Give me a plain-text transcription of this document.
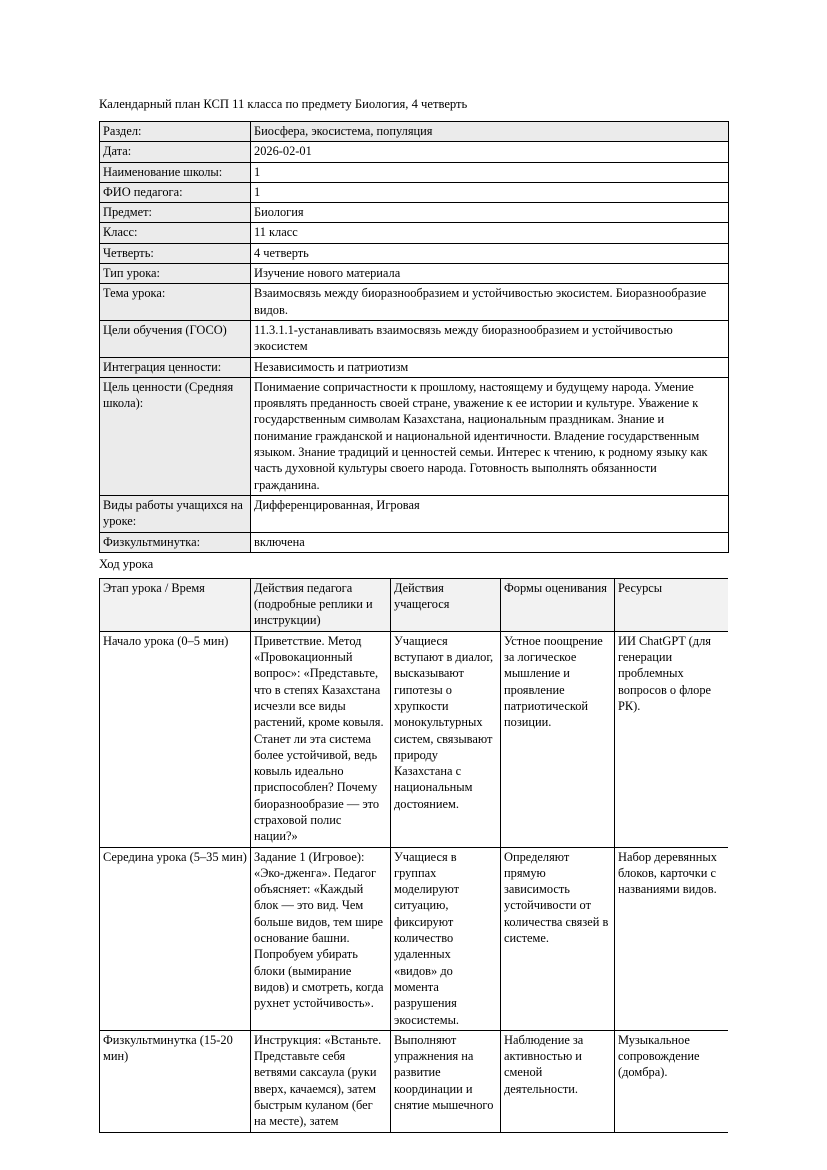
Календарный план КСП 11 класса по предмету Биология, 4 четверть
Раздел:	Биосфера, экосистема, популяция
Дата:	2026-02-01
Наименование школы:	1
ФИО педагога:	1
Предмет:	Биология
Класс:	11 класс
Четверть:	4 четверть
Тип урока:	Изучение нового материала
Тема урока:	Взаимосвязь между биоразнообразием и устойчивостью экосистем. Биоразнообразие видов.
Цели обучения (ГОСО)	11.3.1.1-устанавливать взаимосвязь между биоразнообразием и устойчивостью экосистем
Интеграция ценности:	Независимость и патриотизм
Цель ценности (Средняя школа):	Понимаение сопричастности к прошлому, настоящему и будущему народа. Умение проявлять преданность своей стране, уважение к ее истории и культуре. Уважение к государственным символам Казахстана, национальным праздникам. Знание и понимание гражданской и национальной идентичности. Владение государственным языком. Знание традиций и ценностей семьи. Интерес к чтению, к родному языку как часть духовной культуры своего народа. Готовность выполнять обязанности гражданина.
Виды работы учащихся на уроке:	Дифференцированная, Игровая
Физкультминутка:	включена
Ход урока
Этап урока / Время	Действия педагога (подробные реплики и инструкции)	Действия учащегося	Формы оценивания	Ресурсы
Начало урока (0–5 мин)	Приветствие. Метод «Провокационный вопрос»: «Представьте, что в степях Казахстана исчезли все виды растений, кроме ковыля. Станет ли эта система более устойчивой, ведь ковыль идеально приспособлен? Почему биоразнообразие — это страховой полис нации?»	Учащиеся вступают в диалог, высказывают гипотезы о хрупкости монокультурных систем, связывают природу Казахстана с национальным достоянием.	Устное поощрение за логическое мышление и проявление патриотической позиции.	ИИ ChatGPT (для генерации проблемных вопросов о флоре РК).
Середина урока (5–35 мин)	Задание 1 (Игровое): «Эко-дженга». Педагог объясняет: «Каждый блок — это вид. Чем больше видов, тем шире основание башни. Попробуем убирать блоки (вымирание видов) и смотреть, когда рухнет устойчивость».	Учащиеся в группах моделируют ситуацию, фиксируют количество удаленных «видов» до момента разрушения экосистемы.	Определяют прямую зависимость устойчивости от количества связей в системе.	Набор деревянных блоков, карточки с названиями видов.
Физкультминутка (15-20 мин)	Инструкция: «Встаньте. Представьте себя ветвями саксаула (руки вверх, качаемся), затем быстрым куланом (бег на месте), затем	Выполняют упражнения на развитие координации и снятие мышечного	Наблюдение за активностью и сменой деятельности.	Музыкальное сопровождение (домбра).
